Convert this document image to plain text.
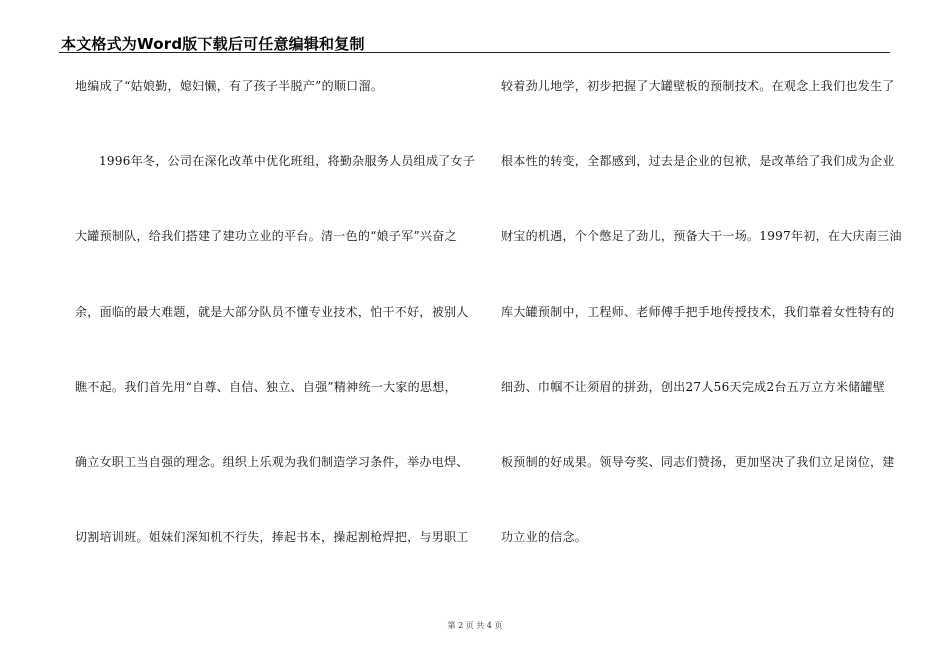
本文格式为Word版下载后可任意编辑和复制
地编成了“姑娘勤，媳妇懒，有了孩子半脱产”的顺口溜。
1996年冬，公司在深化改革中优化班组，将勤杂服务人员组成了女子
大罐预制队，给我们搭建了建功立业的平台。清一色的“娘子军”兴奋之
余，面临的最大难题，就是大部分队员不懂专业技术，怕干不好，被别人
瞧不起。我们首先用“自尊、自信、独立、自强”精神统一大家的思想，
确立女职工当自强的理念。组织上乐观为我们制造学习条件，举办电焊、
切割培训班。姐妹们深知机不行失，捧起书本，操起割枪焊把，与男职工
较着劲儿地学，初步把握了大罐壁板的预制技术。在观念上我们也发生了
根本性的转变，全都感到，过去是企业的包袱，是改革给了我们成为企业
财宝的机遇，个个憋足了劲儿，预备大干一场。1997年初，在大庆南三油
库大罐预制中，工程师、老师傅手把手地传授技术，我们靠着女性特有的
细劲、巾帼不让须眉的拼劲，创出27人56天完成2台五万立方米储罐壁
板预制的好成果。领导夸奖、同志们赞扬，更加坚决了我们立足岗位，建
功立业的信念。
第 2 页 共 4 页
